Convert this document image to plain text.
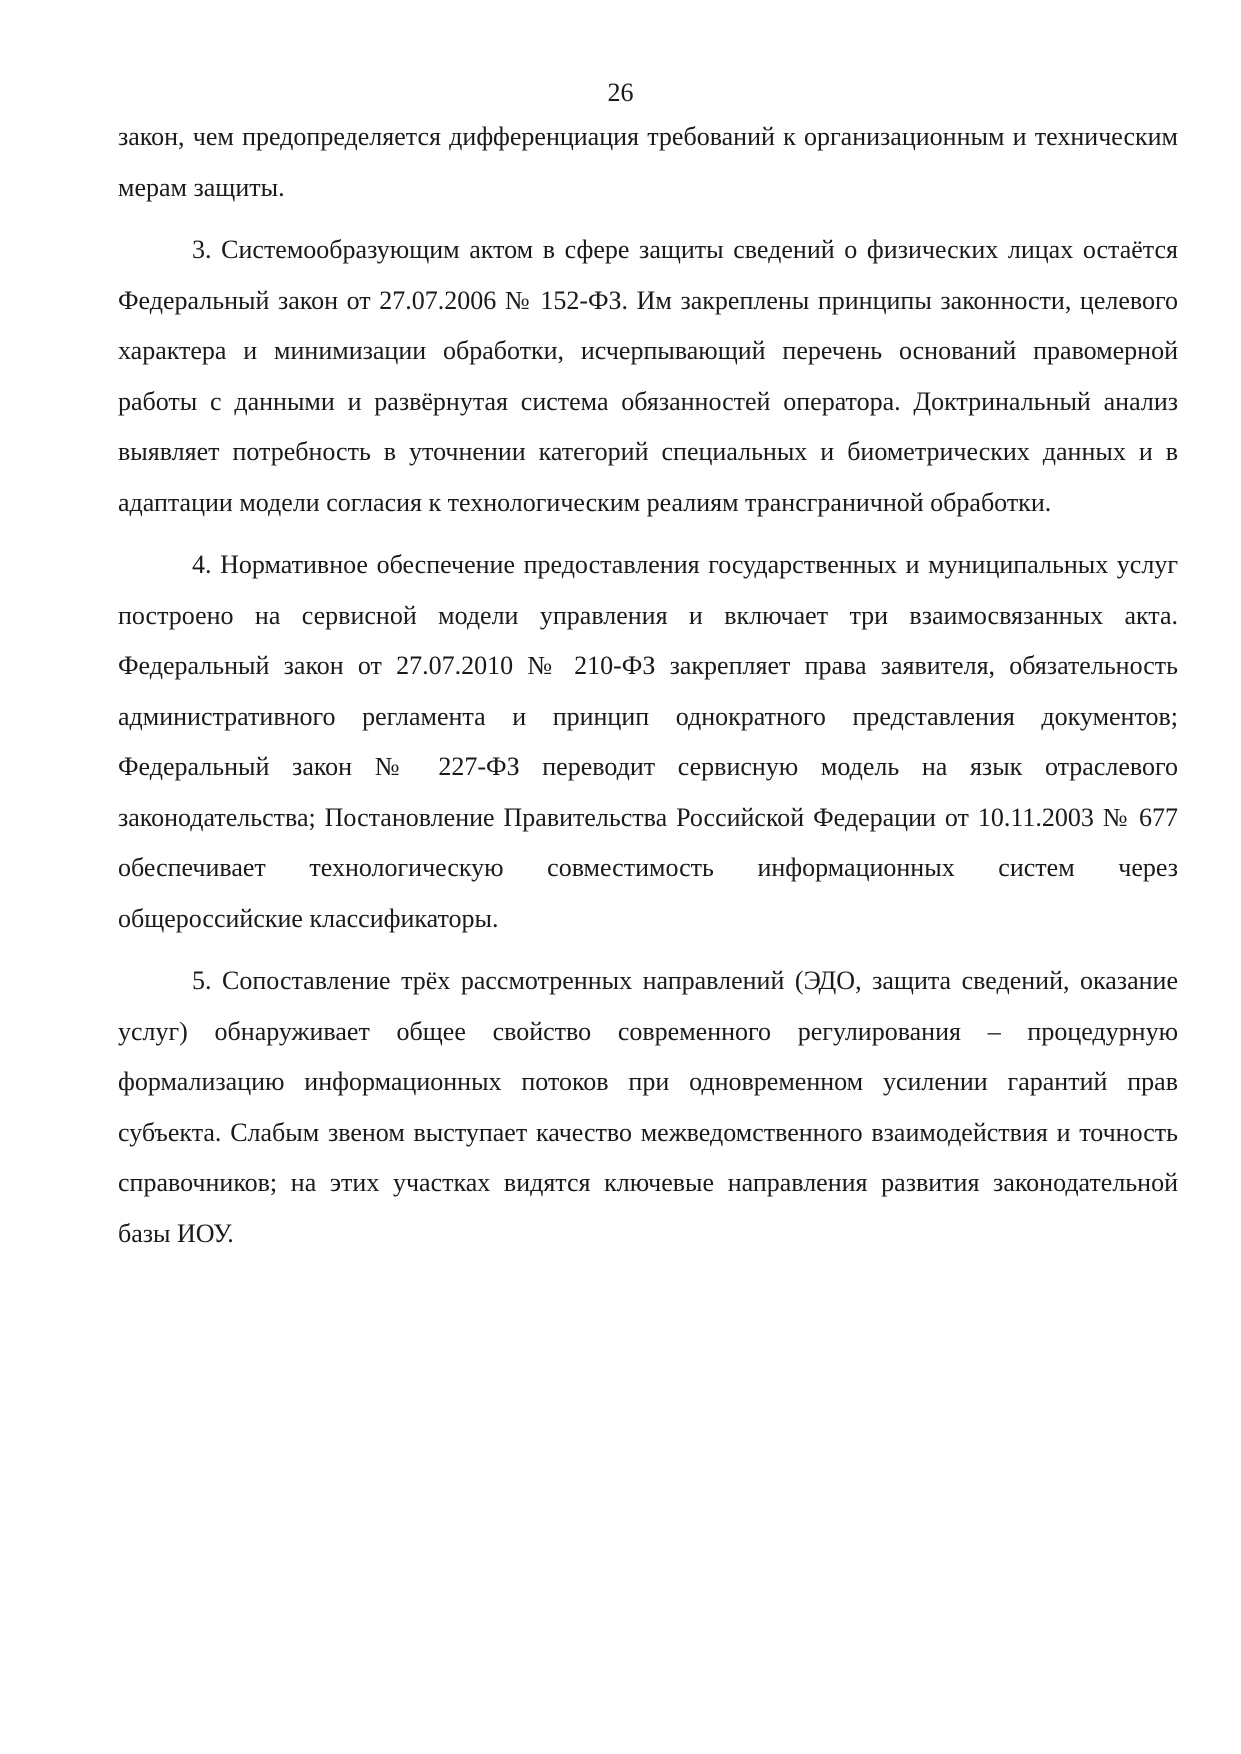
26

закон, чем предопределяется дифференциация требований к организационным и техническим мерам защиты.

3. Системообразующим актом в сфере защиты сведений о физических лицах остаётся Федеральный закон от 27.07.2006 № 152-ФЗ. Им закреплены принципы законности, целевого характера и минимизации обработки, исчерпывающий перечень оснований правомерной работы с данными и развёрнутая система обязанностей оператора. Доктринальный анализ выявляет потребность в уточнении категорий специальных и биометрических данных и в адаптации модели согласия к технологическим реалиям трансграничной обработки.

4. Нормативное обеспечение предоставления государственных и муниципальных услуг построено на сервисной модели управления и включает три взаимосвязанных акта. Федеральный закон от 27.07.2010 № 210-ФЗ закрепляет права заявителя, обязательность административного регламента и принцип однократного представления документов; Федеральный закон № 227-ФЗ переводит сервисную модель на язык отраслевого законодательства; Постановление Правительства Российской Федерации от 10.11.2003 № 677 обеспечивает технологическую совместимость информационных систем через общероссийские классификаторы.

5. Сопоставление трёх рассмотренных направлений (ЭДО, защита сведений, оказание услуг) обнаруживает общее свойство современного регулирования – процедурную формализацию информационных потоков при одновременном усилении гарантий прав субъекта. Слабым звеном выступает качество межведомственного взаимодействия и точность справочников; на этих участках видятся ключевые направления развития законодательной базы ИОУ.
